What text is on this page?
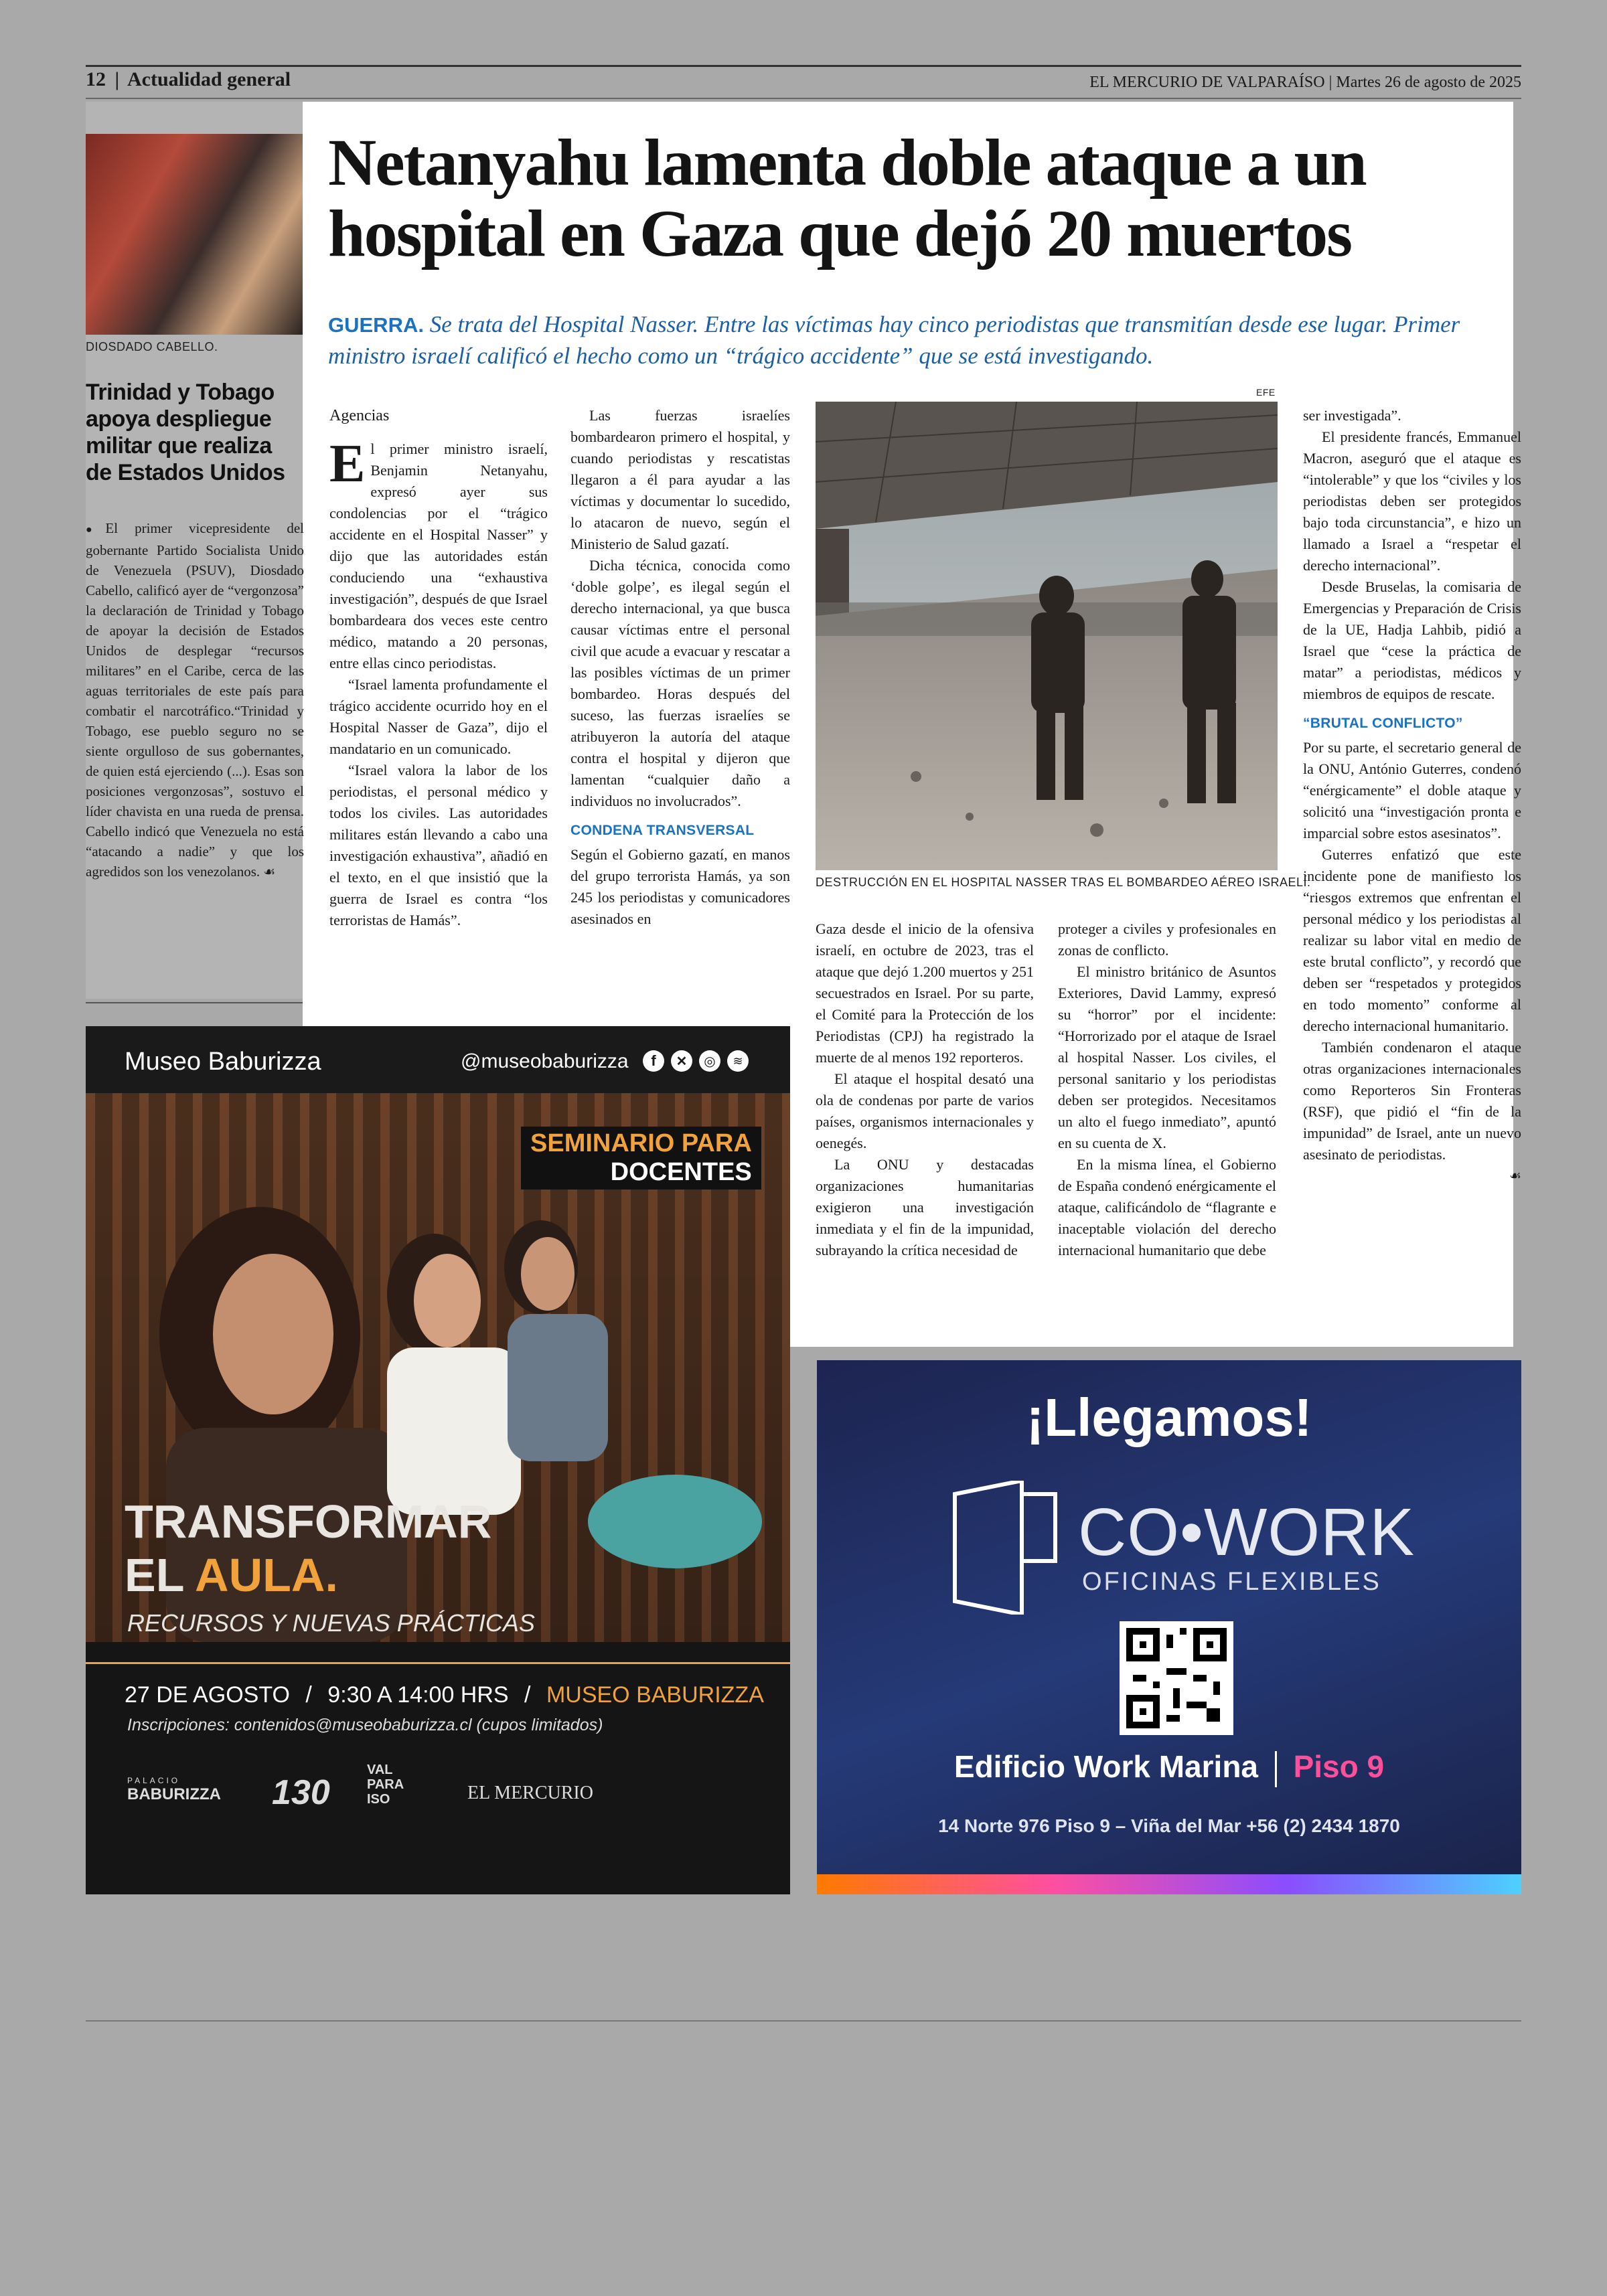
12 | Actualidad general	EL MERCURIO DE VALPARAÍSO | Martes 26 de agosto de 2025
DIOSDADO CABELLO.
Trinidad y Tobago apoya despliegue militar que realiza de Estados Unidos

●El primer vicepresidente del gobernante Partido Socialista Unido de Venezuela (PSUV), Diosdado Cabello, calificó ayer de “vergonzosa” la declaración de Trinidad y Tobago de apoyar la decisión de Estados Unidos de desplegar “recursos militares” en el Caribe, cerca de las aguas territoriales de este país para combatir el narcotráfico.“Trinidad y Tobago, ese pueblo seguro no se siente orgulloso de sus gobernantes, de quien está ejerciendo (...). Esas son posiciones vergonzosas”, sostuvo el líder chavista en una rueda de prensa. Cabello indicó que Venezuela no está “atacando a nadie” y que los agredidos son los venezolanos. ☙

Netanyahu lamenta doble ataque a un hospital en Gaza que dejó 20 muertos
GUERRA. Se trata del Hospital Nasser. Entre las víctimas hay cinco periodistas que transmitían desde ese lugar. Primer ministro israelí calificó el hecho como un “trágico accidente” que se está investigando.
Agencias

El primer ministro israelí, Benjamin Netanyahu, expresó ayer sus condolencias por el “trágico accidente en el Hospital Nasser” y dijo que las autoridades están conduciendo una “exhaustiva investigación”, después de que Israel bombardeara dos veces este centro médico, matando a 20 personas, entre ellas cinco periodistas.

“Israel lamenta profundamente el trágico accidente ocurrido hoy en el Hospital Nasser de Gaza”, dijo el mandatario en un comunicado.

“Israel valora la labor de los periodistas, el personal médico y todos los civiles. Las autoridades militares están llevando a cabo una investigación exhaustiva”, añadió en el texto, en el que insistió que la guerra de Israel es contra “los terroristas de Hamás”.

Las fuerzas israelíes bombardearon primero el hospital, y cuando periodistas y rescatistas llegaron a él para ayudar a las víctimas y documentar lo sucedido, lo atacaron de nuevo, según el Ministerio de Salud gazatí.

Dicha técnica, conocida como ‘doble golpe’, es ilegal según el derecho internacional, ya que busca causar víctimas entre el personal civil que acude a evacuar y rescatar a las posibles víctimas de un primer bombardeo. Horas después del suceso, las fuerzas israelíes se atribuyeron la autoría del ataque contra el hospital y dijeron que lamentan “cualquier daño a individuos no involucrados”.

CONDENA TRANSVERSAL

Según el Gobierno gazatí, en manos del grupo terrorista Hamás, ya son 245 los periodistas y comunicadores asesinados en

EFE
DESTRUCCIÓN EN EL HOSPITAL NASSER TRAS EL BOMBARDEO AÉREO ISRAELÍ.

Gaza desde el inicio de la ofensiva israelí, en octubre de 2023, tras el ataque que dejó 1.200 muertos y 251 secuestrados en Israel. Por su parte, el Comité para la Protección de los Periodistas (CPJ) ha registrado la muerte de al menos 192 reporteros.

El ataque el hospital desató una ola de condenas por parte de varios países, organismos internacionales y oenegés.

La ONU y destacadas organizaciones humanitarias exigieron una investigación inmediata y el fin de la impunidad, subrayando la crítica necesidad de

proteger a civiles y profesionales en zonas de conflicto.

El ministro británico de Asuntos Exteriores, David Lammy, expresó su “horror” por el incidente: “Horrorizado por el ataque de Israel al hospital Nasser. Los civiles, el personal sanitario y los periodistas deben ser protegidos. Necesitamos un alto el fuego inmediato”, apuntó en su cuenta de X.

En la misma línea, el Gobierno de España condenó enérgicamente el ataque, calificándolo de “flagrante e inaceptable violación del derecho internacional humanitario que debe

ser investigada”.

El presidente francés, Emmanuel Macron, aseguró que el ataque es “intolerable” y que los “civiles y los periodistas deben ser protegidos bajo toda circunstancia”, e hizo un llamado a Israel a “respetar el derecho internacional”.

Desde Bruselas, la comisaria de Emergencias y Preparación de Crisis de la UE, Hadja Lahbib, pidió a Israel que “cese la práctica de matar” a periodistas, médicos y miembros de equipos de rescate.

“BRUTAL CONFLICTO”

Por su parte, el secretario general de la ONU, António Guterres, condenó “enérgicamente” el doble ataque y solicitó una “investigación pronta e imparcial sobre estos asesinatos”.

Guterres enfatizó que este incidente pone de manifiesto los “riesgos extremos que enfrentan el personal médico y los periodistas al realizar su labor vital en medio de este brutal conflicto”, y recordó que deben ser “respetados y protegidos en todo momento” conforme al derecho internacional humanitario.

También condenaron el ataque otras organizaciones internacionales como Reporteros Sin Fronteras (RSF), que pidió el “fin de la impunidad” de Israel, ante un nuevo asesinato de periodistas.

☙
Museo Baburizza	@museobaburizza	f	✕	◎	≋
SEMINARIO PARA
DOCENTES
TRANSFORMAR
EL AULA.
RECURSOS Y NUEVAS PRÁCTICAS
27 DE AGOSTO / 9:30 A 14:00 HRS / MUSEO BABURIZZA
Inscripciones: contenidos@museobaburizza.cl (cupos limitados)
PALACIO
BABURIZZA 130
VAL PARA ISO	EL MERCURIO
¡Llegamos!
CO•WORK
OFICINAS FLEXIBLES
Edificio Work Marina Piso 9
14 Norte 976 Piso 9 – Viña del Mar +56 (2) 2434 1870
